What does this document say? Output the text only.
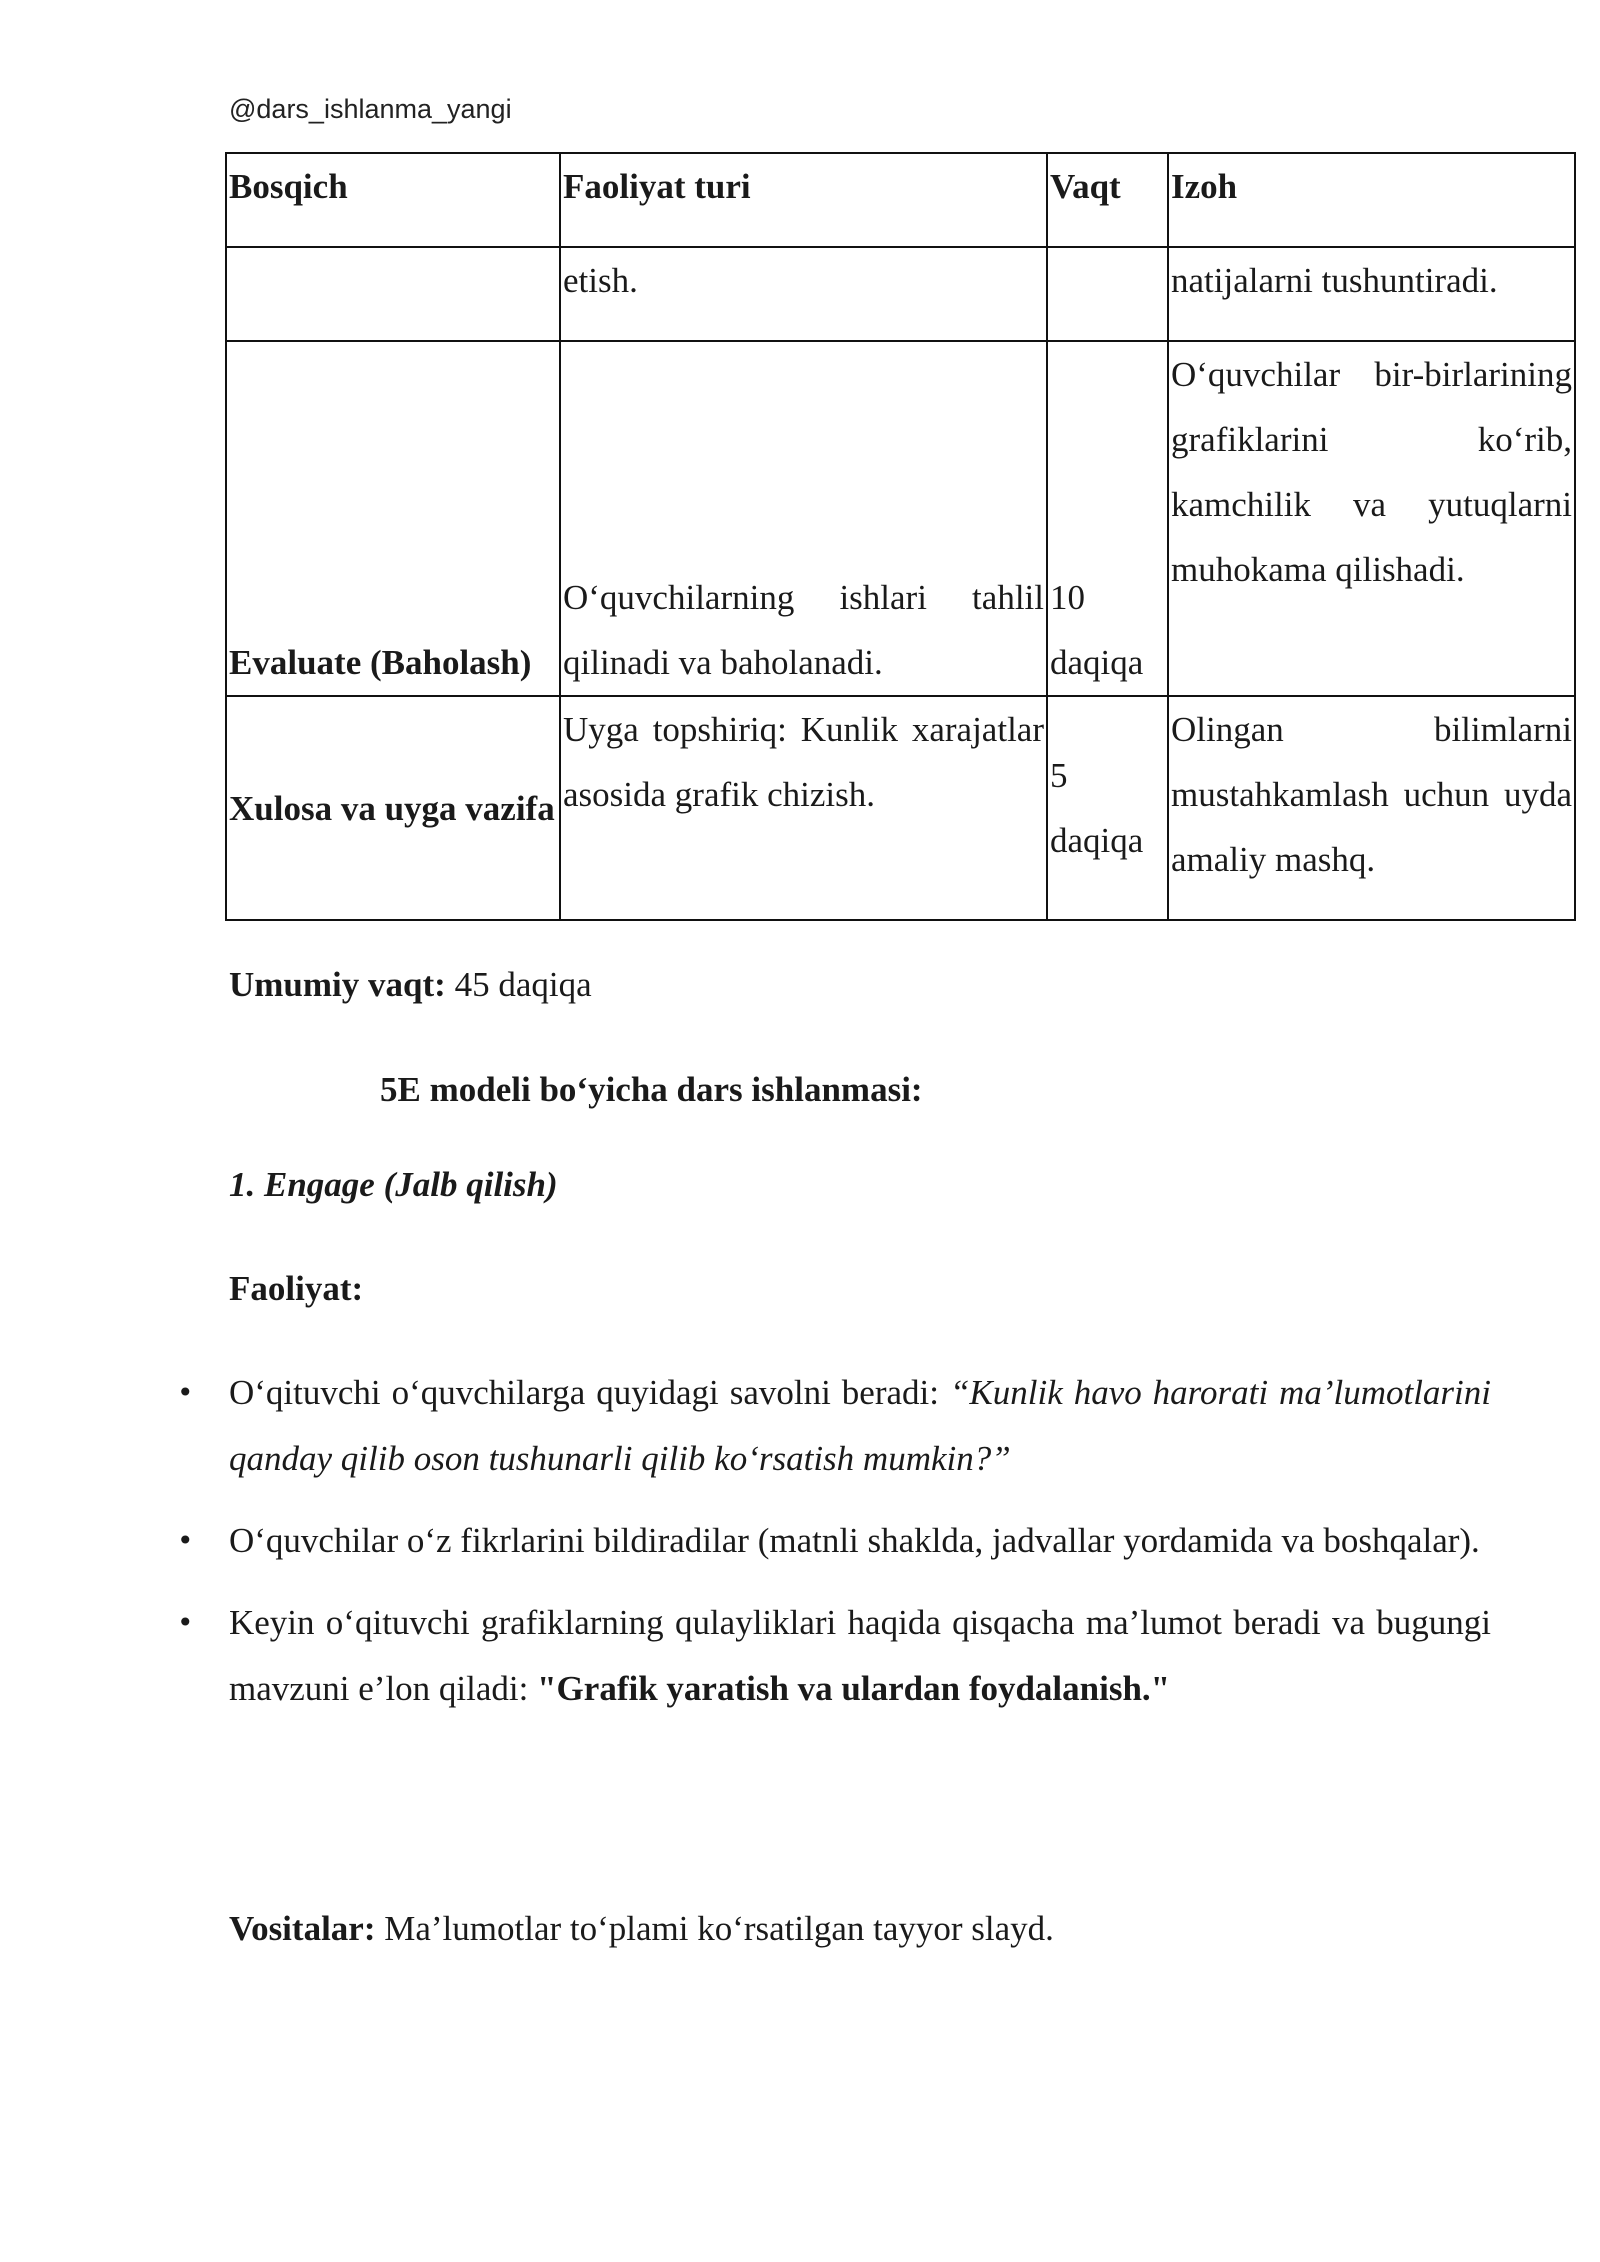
@dars_ishlanma_yangi
Bosqich	Faoliyat turi	Vaqt	Izoh
	etish.		natijalarni tushuntiradi.
Evaluate (Baholash)	O‘quvchilarning ishlari tahlil qilinadi va baholanadi.	10 daqiqa	O‘quvchilar bir-birlarining grafiklarini ko‘rib, kamchilik va yutuqlarni muhokama qilishadi.
Xulosa va uyga vazifa	Uyga topshiriq: Kunlik xarajatlar asosida grafik chizish.	5 daqiqa	Olingan bilimlarni mustahkamlash uchun uyda amaliy mashq.
Umumiy vaqt: 45 daqiqa
5E modeli bo‘yicha dars ishlanmasi:
1. Engage (Jalb qilish)
Faoliyat:
• O‘qituvchi o‘quvchilarga quyidagi savolni beradi: “Kunlik havo harorati ma’lumotlarini qanday qilib oson tushunarli qilib ko‘rsatish mumkin?”
• O‘quvchilar o‘z fikrlarini bildiradilar (matnli shaklda, jadvallar yordamida va boshqalar).
• Keyin o‘qituvchi grafiklarning qulayliklari haqida qisqacha ma’lumot beradi va bugungi mavzuni e’lon qiladi: "Grafik yaratish va ulardan foydalanish."
Vositalar: Ma’lumotlar to‘plami ko‘rsatilgan tayyor slayd.
